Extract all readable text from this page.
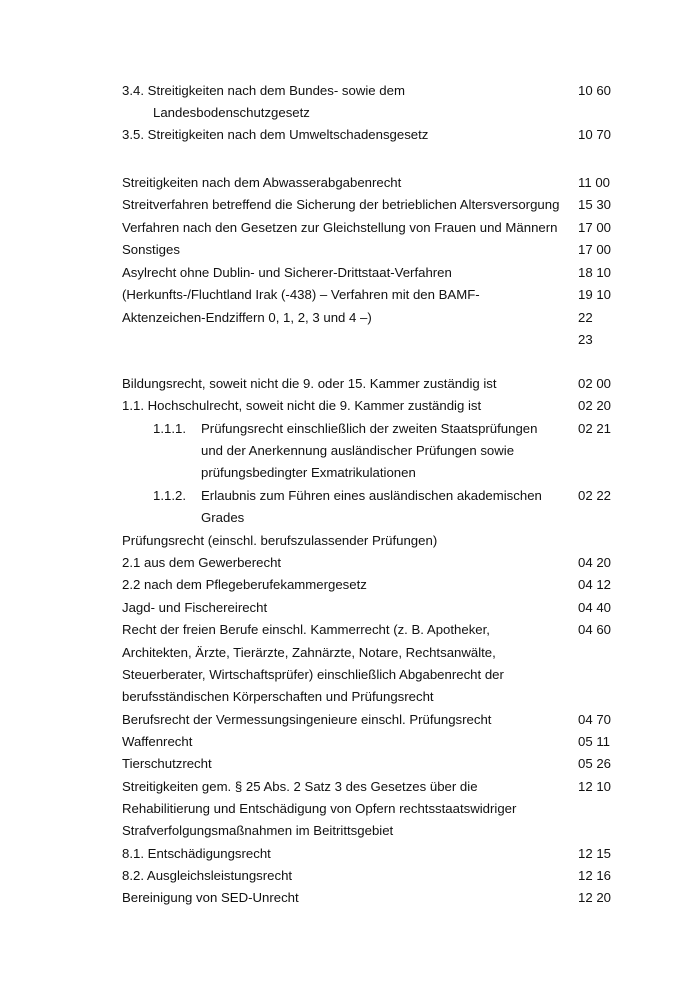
3.4. Streitigkeiten nach dem Bundes- sowie dem
Landesbodenschutzgesetz
3.5. Streitigkeiten nach dem Umweltschadensgesetz
10 60
10 70
Streitigkeiten nach dem Abwasserabgabenrecht
Streitverfahren betreffend die Sicherung der betrieblichen Altersversorgung
Verfahren nach den Gesetzen zur Gleichstellung von Frauen und Männern
Sonstiges
Asylrecht ohne Dublin- und Sicherer-Drittstaat-Verfahren
(Herkunfts-/Fluchtland Irak (-438) – Verfahren mit den BAMF-
Aktenzeichen-Endziffern 0, 1, 2, 3 und 4 –)
11 00
15 30
17 00
17 00
18 10
19 10
22
23
Bildungsrecht, soweit nicht die 9. oder 15. Kammer zuständig ist
1.1. Hochschulrecht, soweit nicht die 9. Kammer zuständig ist
1.1.1. Prüfungsrecht einschließlich der zweiten Staatsprüfungen
und der Anerkennung ausländischer Prüfungen sowie
prüfungsbedingter Exmatrikulationen
1.1.2. Erlaubnis zum Führen eines ausländischen akademischen
Grades
Prüfungsrecht (einschl. berufszulassender Prüfungen)
2.1 aus dem Gewerberecht
2.2 nach dem Pflegeberufekammergesetz
Jagd- und Fischereirecht
Recht der freien Berufe einschl. Kammerrecht (z. B. Apotheker,
Architekten, Ärzte, Tierärzte, Zahnärzte, Notare, Rechtsanwälte,
Steuerberater, Wirtschaftsprüfer) einschließlich Abgabenrecht der
berufsständischen Körperschaften und Prüfungsrecht
Berufsrecht der Vermessungsingenieure einschl. Prüfungsrecht
Waffenrecht
Tierschutzrecht
Streitigkeiten gem. § 25 Abs. 2 Satz 3 des Gesetzes über die
Rehabilitierung und Entschädigung von Opfern rechtsstaatswidriger
Strafverfolgungsmaßnahmen im Beitrittsgebiet
8.1. Entschädigungsrecht
8.2. Ausgleichsleistungsrecht
Bereinigung von SED-Unrecht
02 00
02 20
02 21
02 22
04 20
04 12
04 40
04 60
04 70
05 11
05 26
12 10
12 15
12 16
12 20
